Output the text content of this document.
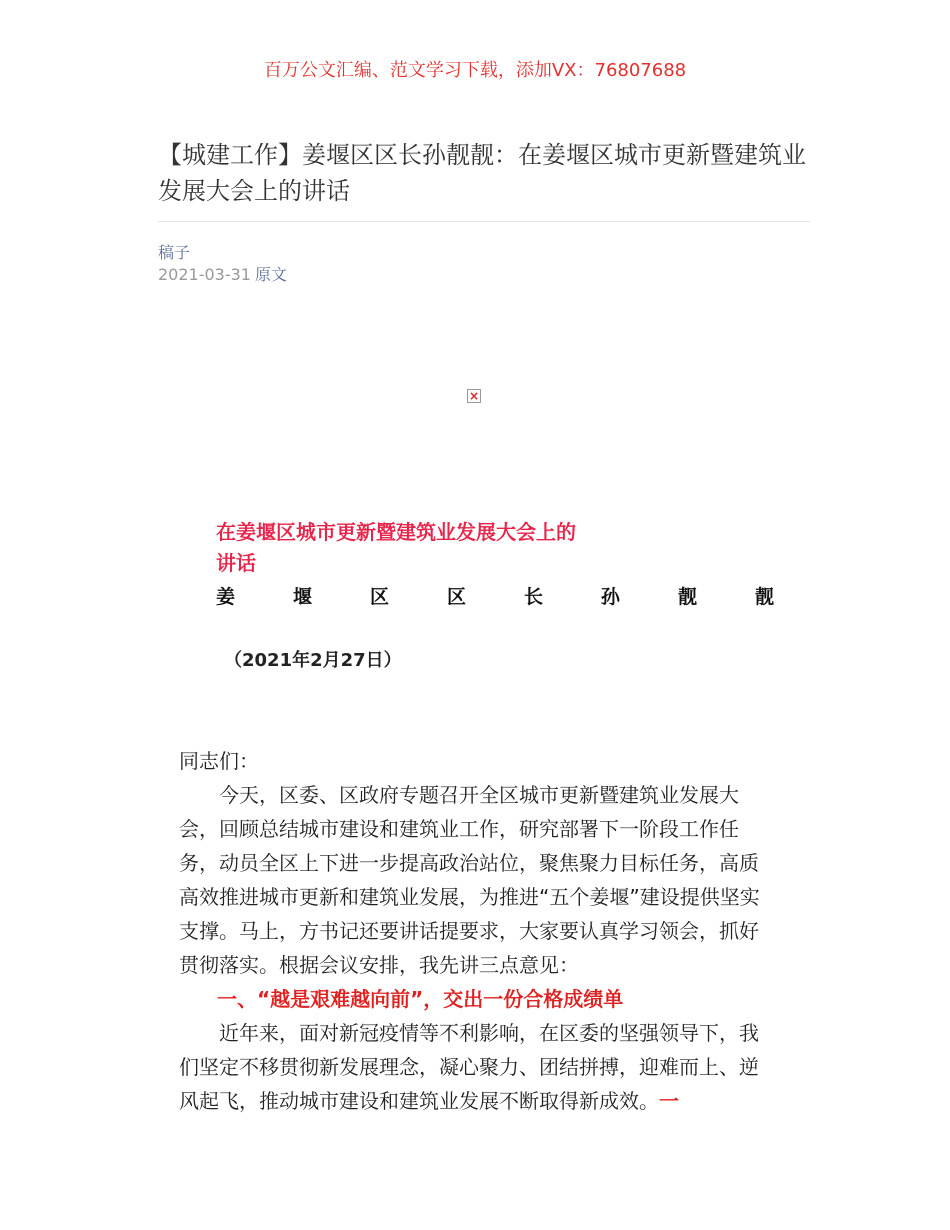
百万公文汇编、范文学习下载，添加VX：76807688
【城建工作】姜堰区区长孙靓靓：在姜堰区城市更新暨建筑业发展大会上的讲话
稿子
2021-03-31 原文
×
在姜堰区城市更新暨建筑业发展大会上的讲话
姜	堰	区	区	长	孙	靓	靓
（2021年2月27日）

同志们：

今天，区委、区政府专题召开全区城市更新暨建筑业发展大会，回顾总结城市建设和建筑业工作，研究部署下一阶段工作任务，动员全区上下进一步提高政治站位，聚焦聚力目标任务，高质高效推进城市更新和建筑业发展，为推进“五个姜堰”建设提供坚实支撑。马上，方书记还要讲话提要求，大家要认真学习领会，抓好贯彻落实。根据会议安排，我先讲三点意见：

一、“越是艰难越向前”，交出一份合格成绩单

近年来，面对新冠疫情等不利影响，在区委的坚强领导下，我们坚定不移贯彻新发展理念，凝心聚力、团结拼搏，迎难而上、逆风起飞，推动城市建设和建筑业发展不断取得新成效。一
